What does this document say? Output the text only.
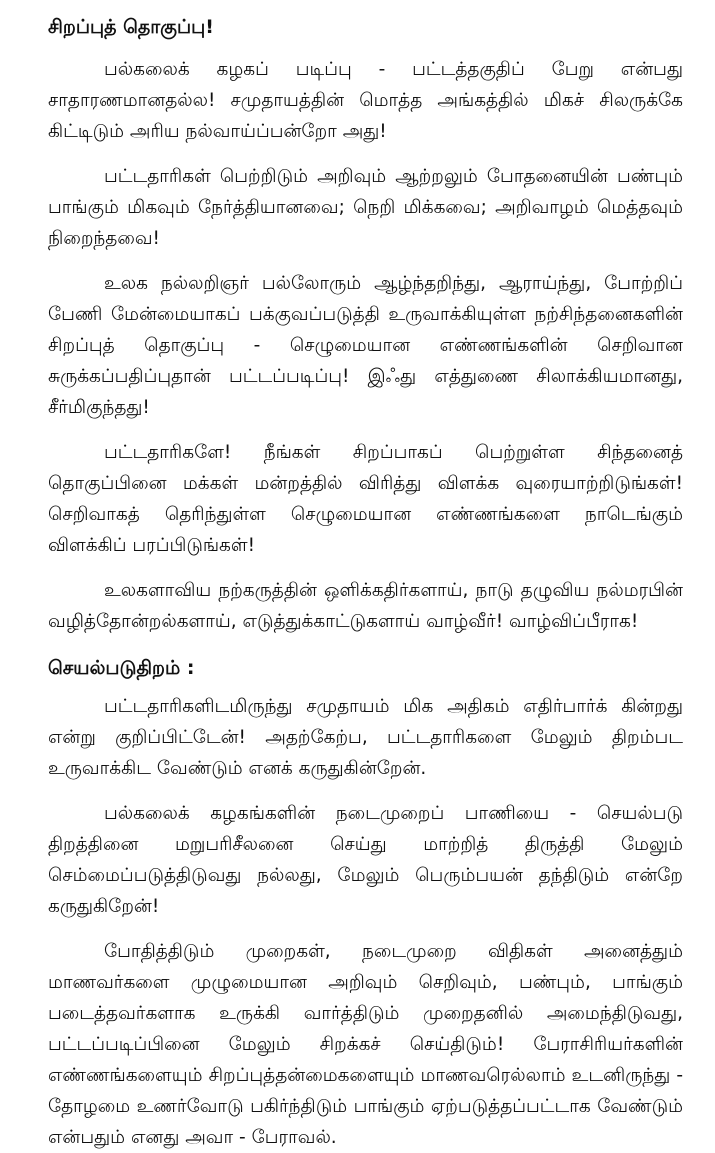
சிறப்புத் தொகுப்பு!

பல்கலைக் கழகப் படிப்பு - பட்டத்தகுதிப் பேறு என்பது சாதாரணமானதல்ல! சமுதாயத்தின் மொத்த அங்கத்தில் மிகச் சிலருக்கே கிட்டிடும் அரிய நல்வாய்ப்பன்றோ அது!

பட்டதாரிகள் பெற்றிடும் அறிவும் ஆற்றலும் போதனையின் பண்பும் பாங்கும் மிகவும் நேர்த்தியானவை; நெறி மிக்கவை; அறிவாழம் மெத்தவும் நிறைந்தவை!

உலக நல்லறிஞர் பல்லோரும் ஆழ்ந்தறிந்து, ஆராய்ந்து, போற்றிப் பேணி மேன்மையாகப் பக்குவப்படுத்தி உருவாக்கியுள்ள நற்சிந்தனைகளின் சிறப்புத் தொகுப்பு - செழுமையான எண்ணங்களின் செறிவான சுருக்கப்பதிப்புதான் பட்டப்படிப்பு! இஃது எத்துணை சிலாக்கியமானது, சீர்மிகுந்தது!

பட்டதாரிகளே! நீங்கள் சிறப்பாகப் பெற்றுள்ள சிந்தனைத் தொகுப்பினை மக்கள் மன்றத்தில் விரித்து விளக்க வுரையாற்றிடுங்கள்! செறிவாகத் தெரிந்துள்ள செழுமையான எண்ணங்களை நாடெங்கும் விளக்கிப் பரப்பிடுங்கள்!

உலகளாவிய நற்கருத்தின் ஒளிக்கதிர்களாய், நாடு தழுவிய நல்மரபின் வழித்தோன்றல்களாய், எடுத்துக்காட்டுகளாய் வாழ்வீர்! வாழ்விப்பீராக!

செயல்படுதிறம் :

பட்டதாரிகளிடமிருந்து சமுதாயம் மிக அதிகம் எதிர்பார்க் கின்றது என்று குறிப்பிட்டேன்! அதற்கேற்ப, பட்டதாரிகளை மேலும் திறம்பட உருவாக்கிட வேண்டும் எனக் கருதுகின்றேன்.

பல்கலைக் கழகங்களின் நடைமுறைப் பாணியை - செயல்படு திறத்தினை மறுபரிசீலனை செய்து மாற்றித் திருத்தி மேலும் செம்மைப்படுத்திடுவது நல்லது, மேலும் பெரும்பயன் தந்திடும் என்றே கருதுகிறேன்!

போதித்திடும் முறைகள், நடைமுறை விதிகள் அனைத்தும் மாணவர்களை முழுமையான அறிவும் செறிவும், பண்பும், பாங்கும் படைத்தவர்களாக உருக்கி வார்த்திடும் முறைதனில் அமைந்திடுவது, பட்டப்படிப்பினை மேலும் சிறக்கச் செய்திடும்! பேராசிரியர்களின் எண்ணங்களையும் சிறப்புத்தன்மைகளையும் மாணவரெல்லாம் உடனிருந்து - தோழமை உணர்வோடு பகிர்ந்திடும் பாங்கும் ஏற்படுத்தப்பட்டாக வேண்டும் என்பதும் எனது அவா - பேராவல்.
